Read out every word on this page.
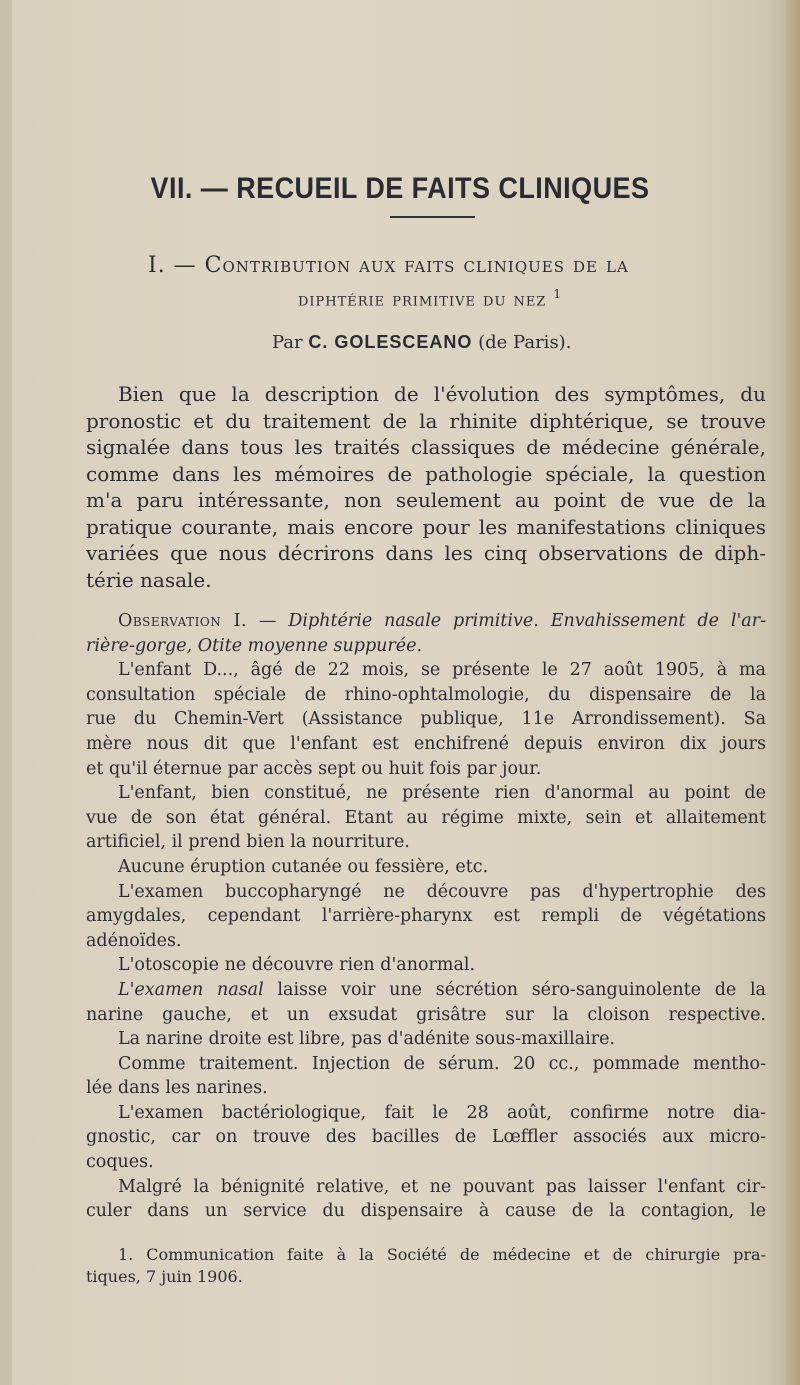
VII. — RECUEIL DE FAITS CLINIQUES
I. — Contribution aux faits cliniques de la
diphtérie primitive du nez $^1$
Par C. GOLESCEANO (de Paris).
Bien que la description de l'évolution des symptômes, du
pronostic et du traitement de la rhinite diphtérique, se trouve
signalée dans tous les traités classiques de médecine générale,
comme dans les mémoires de pathologie spéciale, la question
m'a paru intéressante, non seulement au point de vue de la
pratique courante, mais encore pour les manifestations cliniques
variées que nous décrirons dans les cinq observations de diph-
térie nasale.
Observation I. — Diphtérie nasale primitive. Envahissement de l'ar-
rière-gorge, Otite moyenne suppurée.
L'enfant D..., âgé de 22 mois, se présente le 27 août 1905, à ma
consultation spéciale de rhino-ophtalmologie, du dispensaire de la
rue du Chemin-Vert (Assistance publique, 11e Arrondissement). Sa
mère nous dit que l'enfant est enchifrené depuis environ dix jours
et qu'il éternue par accès sept ou huit fois par jour.
L'enfant, bien constitué, ne présente rien d'anormal au point de
vue de son état général. Etant au régime mixte, sein et allaitement
artificiel, il prend bien la nourriture.
Aucune éruption cutanée ou fessière, etc.
L'examen buccopharyngé ne découvre pas d'hypertrophie des
amygdales, cependant l'arrière-pharynx est rempli de végétations
adénoïdes.
L'otoscopie ne découvre rien d'anormal.
L'examen nasal laisse voir une sécrétion séro-sanguinolente de la
narine gauche, et un exsudat grisâtre sur la cloison respective.
La narine droite est libre, pas d'adénite sous-maxillaire.
Comme traitement. Injection de sérum. 20 cc., pommade mentho-
lée dans les narines.
L'examen bactériologique, fait le 28 août, confirme notre dia-
gnostic, car on trouve des bacilles de Lœffler associés aux micro-
coques.
Malgré la bénignité relative, et ne pouvant pas laisser l'enfant cir-
culer dans un service du dispensaire à cause de la contagion, le
1. Communication faite à la Société de médecine et de chirurgie pra-
tiques, 7 juin 1906.
